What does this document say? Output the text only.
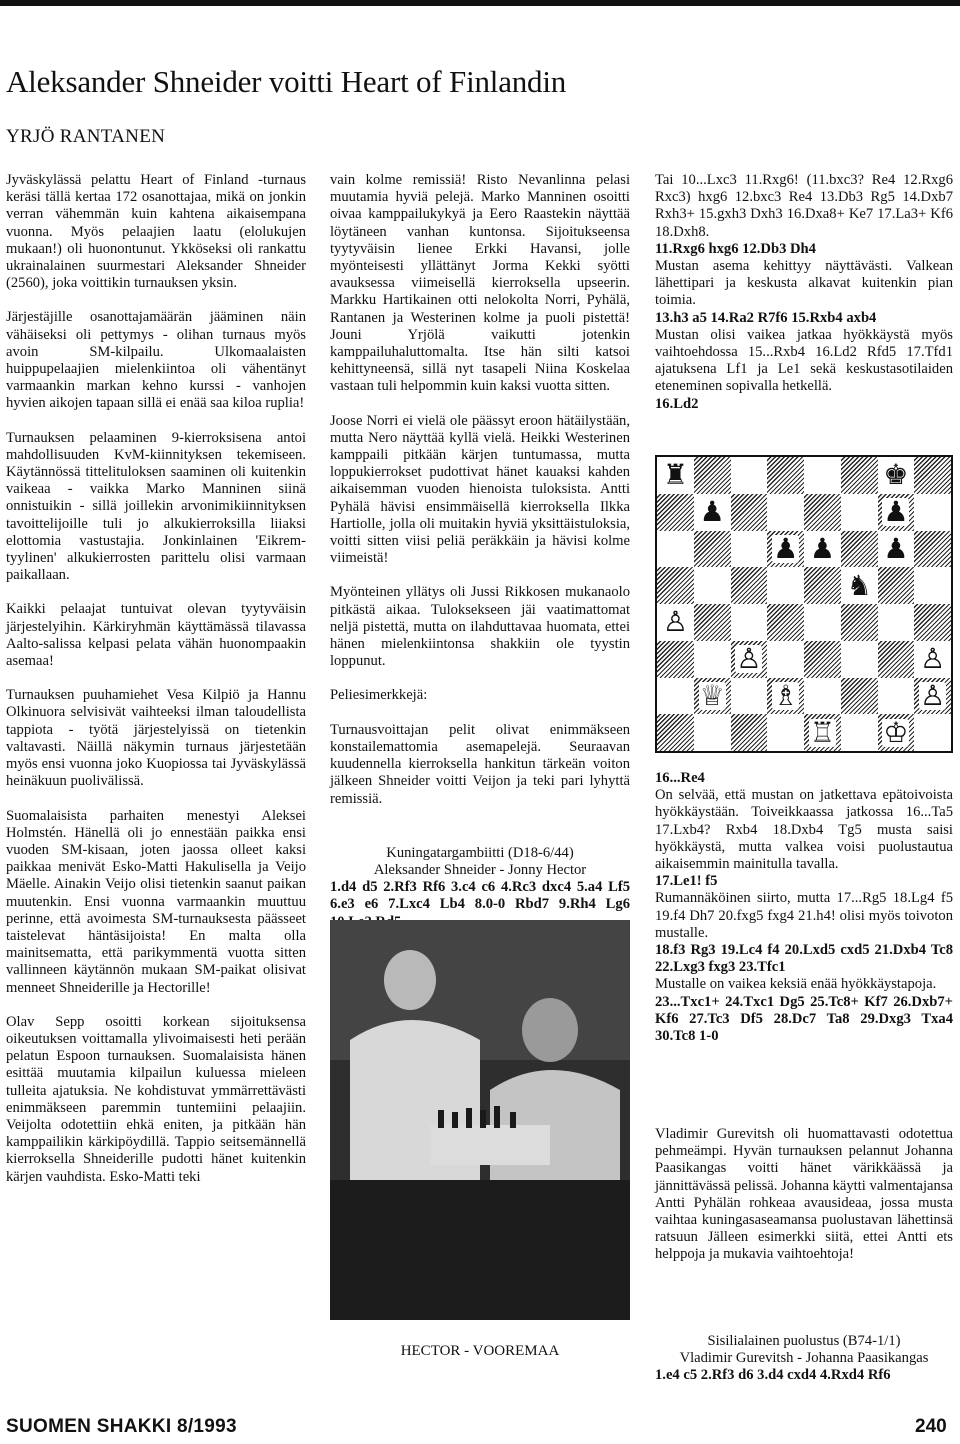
Aleksander Shneider voitti Heart of Finlandin
YRJÖ RANTANEN

Jyväskylässä pelattu Heart of Finland -turnaus keräsi tällä kertaa 172 osanottajaa, mikä on jonkin verran vähemmän kuin kahtena aikaisempana vuonna. Myös pelaajien laatu (elolukujen mukaan!) oli huonontunut. Ykköseksi oli rankattu ukrainalainen suurmestari Aleksander Shneider (2560), joka voittikin turnauksen yksin.

Järjestäjille osanottajamäärän jääminen näin vähäiseksi oli pettymys - olihan turnaus myös avoin SM-kilpailu. Ulkomaalaisten huippupelaajien mielenkiintoa oli vähentänyt varmaankin markan kehno kurssi - vanhojen hyvien aikojen tapaan sillä ei enää saa kiloa ruplia!

Turnauksen pelaaminen 9-kierroksisena antoi mahdollisuuden KvM-kiinnityksen tekemiseen. Käytännössä tittelituloksen saaminen oli kuitenkin vaikeaa - vaikka Marko Manninen siinä onnistuikin - sillä joillekin arvonimikiinnityksen tavoittelijoille tuli jo alkukierroksilla liiaksi elottomia vastustajia. Jonkinlainen 'Eikrem-tyylinen' alkukierrosten parittelu olisi varmaan paikallaan.

Kaikki pelaajat tuntuivat olevan tyytyväisin järjestelyihin. Kärkiryhmän käyttämässä tilavassa Aalto-salissa kelpasi pelata vähän huonompaakin asemaa!

Turnauksen puuhamiehet Vesa Kilpiö ja Hannu Olkinuora selvisivät vaihteeksi ilman taloudellista tappiota - työtä järjestelyissä on tietenkin valtavasti. Näillä näkymin turnaus järjestetään myös ensi vuonna joko Kuopiossa tai Jyväskylässä heinäkuun puolivälissä.

Suomalaisista parhaiten menestyi Aleksei Holmstén. Hänellä oli jo ennestään paikka ensi vuoden SM-kisaan, joten jaossa olleet kaksi paikkaa menivät Esko-Matti Hakulisella ja Veijo Mäelle. Ainakin Veijo olisi tietenkin saanut paikan muutenkin. Ensi vuonna varmaankin muuttuu perinne, että avoimesta SM-turnauksesta päässeet taistelevat häntäsijoista! En malta olla mainitsematta, että parikymmentä vuotta sitten vallinneen käytännön mukaan SM-paikat olisivat menneet Shneiderille ja Hectorille!

Olav Sepp osoitti korkean sijoituksensa oikeutuksen voittamalla ylivoimaisesti heti perään pelatun Espoon turnauksen. Suomalaisista hänen esittää muutamia kilpailun kuluessa mieleen tulleita ajatuksia. Ne kohdistuvat ymmärrettävästi enimmäkseen paremmin tuntemiini pelaajiin. Veijolta odotettiin ehkä eniten, ja pitkään hän kamppailikin kärkipöydillä. Tappio seitsemännellä kierroksella Shneiderille pudotti hänet kuitenkin kärjen vauhdista. Esko-Matti teki

vain kolme remissiä! Risto Nevanlinna pelasi muutamia hyviä pelejä. Marko Manninen osoitti oivaa kamppailukykyä ja Eero Raastekin näyttää löytäneen vanhan kuntonsa. Sijoitukseensa tyytyväisin lienee Erkki Havansi, jolle myönteisesti yllättänyt Jorma Kekki syötti avauksessa viimeisellä kierroksella upseerin. Markku Hartikainen otti nelokolta Norri, Pyhälä, Rantanen ja Westerinen kolme ja puoli pistettä! Jouni Yrjölä vaikutti jotenkin kamppailuhaluttomalta. Itse hän silti katsoi kehittyneensä, sillä nyt tasapeli Niina Koskelaa vastaan tuli helpommin kuin kaksi vuotta sitten.

Joose Norri ei vielä ole päässyt eroon hätäilystään, mutta Nero näyttää kyllä vielä. Heikki Westerinen kamppaili pitkään kärjen tuntumassa, mutta loppukierrokset pudottivat hänet kauaksi kahden aikaisemman vuoden hienoista tuloksista. Antti Pyhälä hävisi ensimmäisellä kierroksella Ilkka Hartiolle, jolla oli muitakin hyviä yksittäistuloksia, voitti sitten viisi peliä peräkkäin ja hävisi kolme viimeistä!

Myönteinen yllätys oli Jussi Rikkosen mukanaolo pitkästä aikaa. Tuloksekseen jäi vaatimattomat neljä pistettä, mutta on ilahduttavaa huomata, ettei hänen mielenkiintonsa shakkiin ole tyystin loppunut.

Peliesimerkkejä:

Turnausvoittajan pelit olivat enimmäkseen konstailemattomia asemapelejä. Seuraavan kuudennella kierroksella hankitun tärkeän voiton jälkeen Shneider voitti Veijon ja teki pari lyhyttä remissiä.

Kuningatargambiitti (D18-6/44)
Aleksander Shneider - Jonny Hector
1.d4 d5 2.Rf3 Rf6 3.c4 c6 4.Rc3 dxc4 5.a4 Lf5 6.e3 e6 7.Lxc4 Lb4 8.0-0 Rbd7 9.Rh4 Lg6
HECTOR - VOOREMAA
Tai 10...Lxc3 11.Rxg6! (11.bxc3? Re4 12.Rxg6 Rxc3) hxg6 12.bxc3 Re4 13.Db3 Rg5 14.Dxb7 Rxh3+ 15.gxh3 Dxh3 16.Dxa8+ Ke7 17.La3+ Kf6 18.Dxh8.
11.Rxg6 hxg6 12.Db3 Dh4
Mustan asema kehittyy näyttävästi. Valkean lähettipari ja keskusta alkavat kuitenkin pian toimia.
13.h3 a5 14.Ra2 R7f6 15.Rxb4 axb4
Mustan olisi vaikea jatkaa hyökkäystä myös vaihtoehdossa 15...Rxb4 16.Ld2 Rfd5 17.Tfd1 ajatuksena Lf1 ja Le1 sekä keskustasotilaiden eteneminen sopivalla hetkellä.
16.Ld2
♜	♚
♟	♟
♟ ♟ ♟
♞
♙
♙	♙
♕ ♗	♙
♖ ♔
16...Re4
On selvää, että mustan on jatkettava epätoivoista hyökkäystään. Toiveikkaassa jatkossa 16...Ta5 17.Lxb4? Rxb4 18.Dxb4 Tg5 mustа saisi hyökkäystä, mutta valkea voisi puolustautua aikaisemmin mainitulla tavalla.
17.Le1! f5
Rumannäköinen siirto, mutta 17...Rg5 18.Lg4 f5 19.f4 Dh7 20.fxg5 fxg4 21.h4! olisi myös toivoton mustalle.
18.f3 Rg3 19.Lc4 f4 20.Lxd5 cxd5 21.Dxb4 Tc8 22.Lxg3 fxg3 23.Tfc1
Mustalle on vaikea keksiä enää hyökkäystapoja.
23...Txc1+ 24.Txc1 Dg5 25.Tc8+ Kf7 26.Dxb7+ Kf6 27.Tc3 Df5 28.Dc7 Ta8 29.Dxg3 Txa4 30.Tc8 1-0
Vladimir Gurevitsh oli huomattavasti odotettua pehmeämpi. Hyvän turnauksen pelannut Johanna Paasikangas voitti hänet värikkäässä ja jännittävässä pelissä. Johanna käytti valmentajansa Antti Pyhälän rohkeaa avausideaa, jossa musta vaihtaa kuningasaseamansa puolustavan lähettinsä ratsuun Jälleen esimerkki siitä, ettei Antti ets helppoja ja mukavia vaihtoehtoja!
Sisilialainen puolustus (B74-1/1)
Vladimir Gurevitsh - Johanna Paasikangas
1.e4 c5 2.Rf3 d6 3.d4 cxd4 4.Rxd4 Rf6
SUOMEN SHAKKI 8/1993	240
